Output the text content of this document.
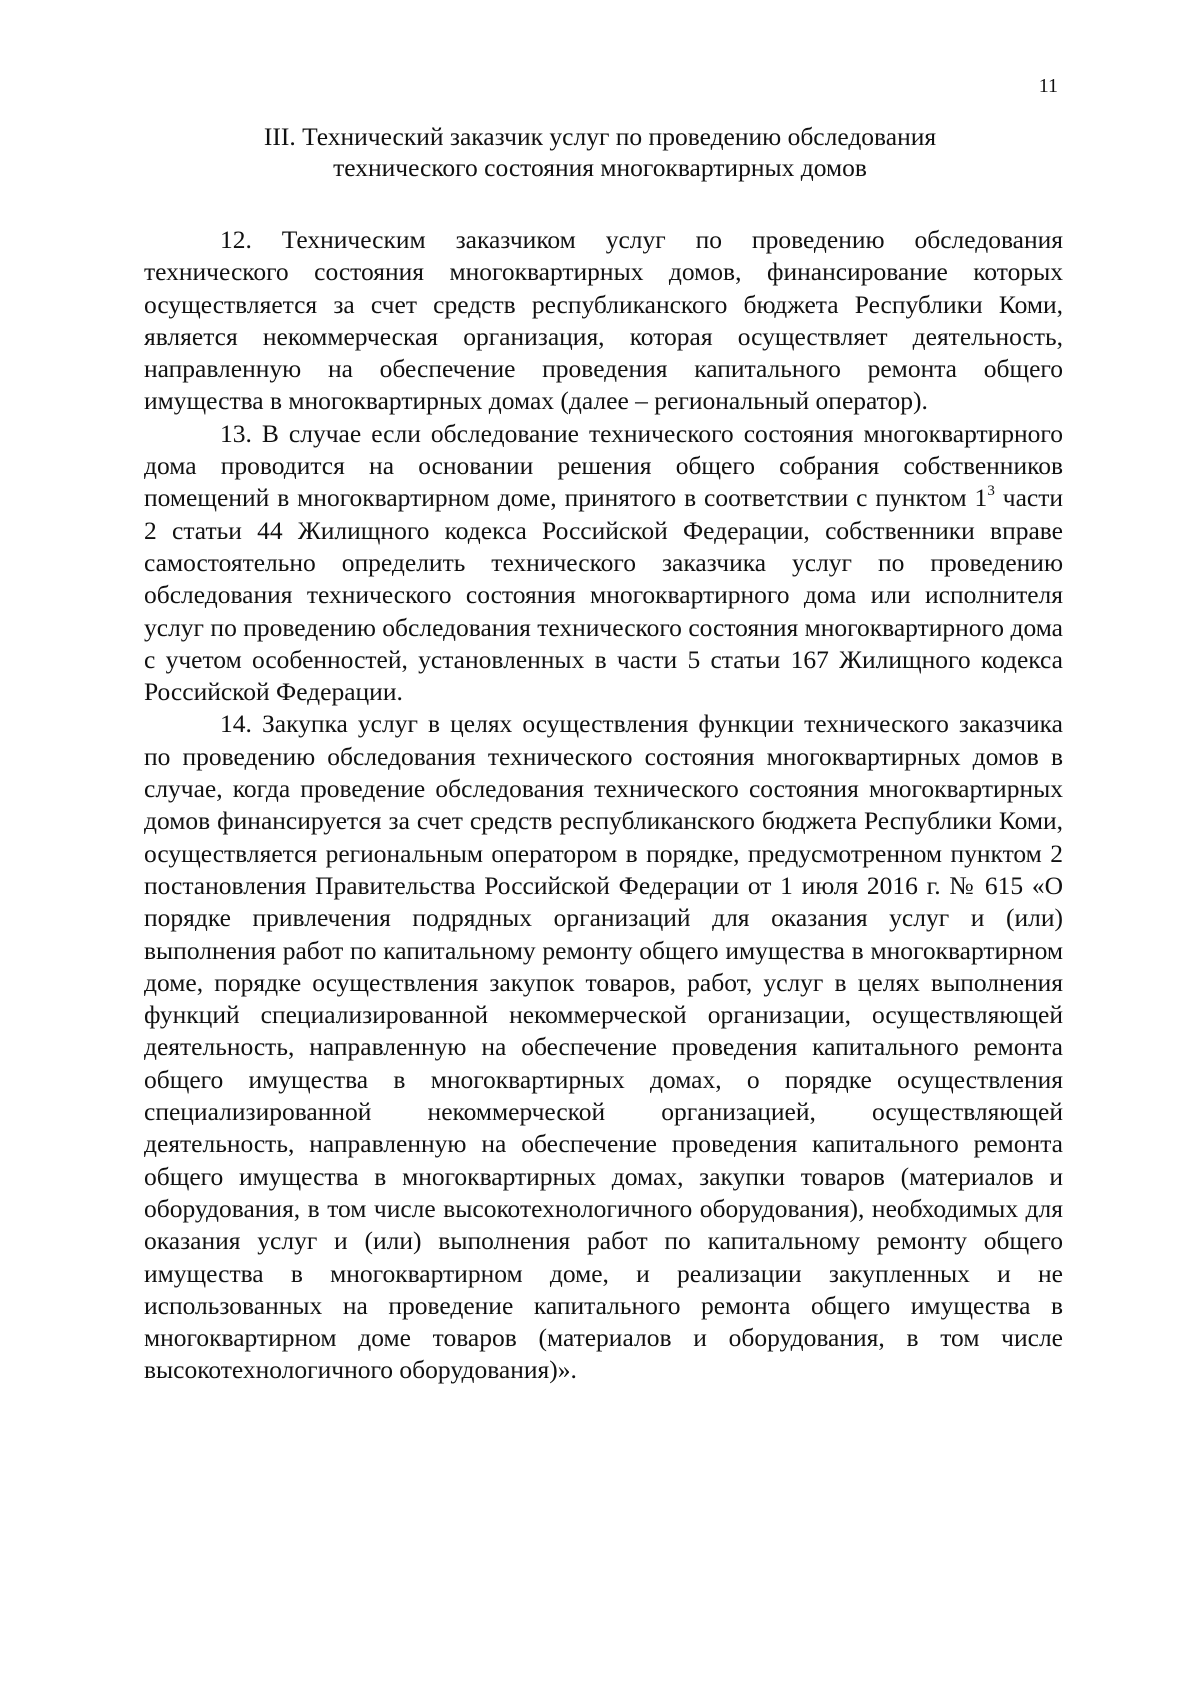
11
III. Технический заказчик услуг по проведению обследования
технического состояния многоквартирных домов

12. Техническим заказчиком услуг по проведению обследования технического состояния многоквартирных домов, финансирование которых осуществляется за счет средств республиканского бюджета Республики Коми, является некоммерческая организация, которая осуществляет деятельность, направленную на обеспечение проведения капитального ремонта общего имущества в многоквартирных домах (далее – региональный оператор).

13. В случае если обследование технического состояния многоквартирного дома проводится на основании решения общего собрания собственников помещений в многоквартирном доме, принятого в соответствии с пунктом $1^3$ части 2 статьи 44 Жилищного кодекса Российской Федерации, собственники вправе самостоятельно определить технического заказчика услуг по проведению обследования технического состояния многоквартирного дома или исполнителя услуг по проведению обследования технического состояния многоквартирного дома с учетом особенностей, установленных в части 5 статьи 167 Жилищного кодекса Российской Федерации.

14. Закупка услуг в целях осуществления функции технического заказчика по проведению обследования технического состояния многоквартирных домов в случае, когда проведение обследования технического состояния многоквартирных домов финансируется за счет средств республиканского бюджета Республики Коми, осуществляется региональным оператором в порядке, предусмотренном пунктом 2 постановления Правительства Российской Федерации от 1 июля 2016 г. № 615 «О порядке привлечения подрядных организаций для оказания услуг и (или) выполнения работ по капитальному ремонту общего имущества в многоквартирном доме, порядке осуществления закупок товаров, работ, услуг в целях выполнения функций специализированной некоммерческой организации, осуществляющей деятельность, направленную на обеспечение проведения капитального ремонта общего имущества в многоквартирных домах, о порядке осуществления специализированной некоммерческой организацией, осуществляющей деятельность, направленную на обеспечение проведения капитального ремонта общего имущества в многоквартирных домах, закупки товаров (материалов и оборудования, в том числе высокотехнологичного оборудования), необходимых для оказания услуг и (или) выполнения работ по капитальному ремонту общего имущества в многоквартирном доме, и реализации закупленных и не использованных на проведение капитального ремонта общего имущества в многоквартирном доме товаров (материалов и оборудования, в том числе высокотехнологичного оборудования)».
